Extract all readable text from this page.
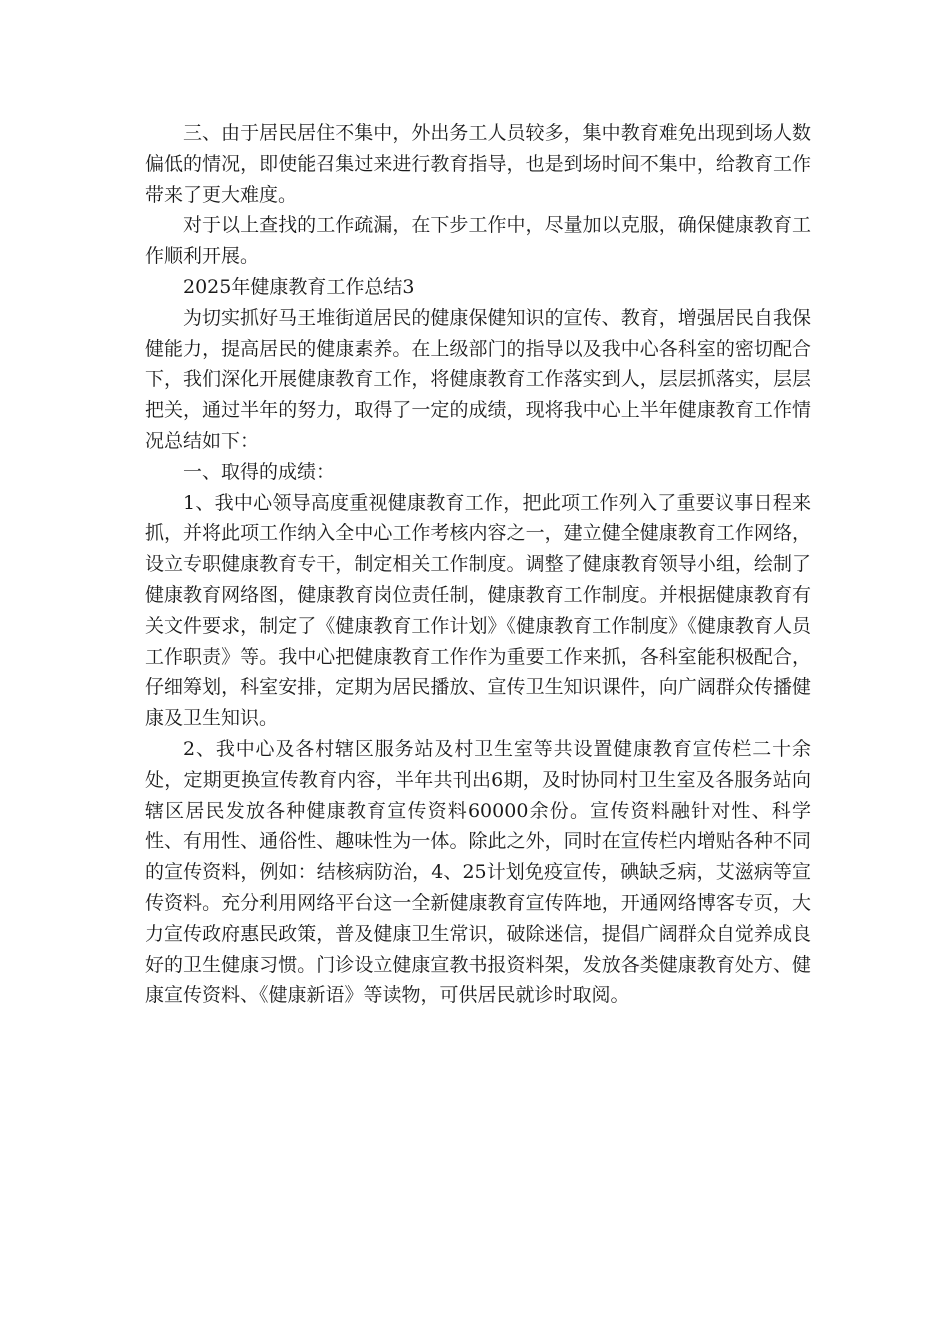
三、由于居民居住不集中，外出务工人员较多，集中教育难免出现到场人数偏低的情况，即使能召集过来进行教育指导，也是到场时间不集中，给教育工作带来了更大难度。

对于以上查找的工作疏漏，在下步工作中，尽量加以克服，确保健康教育工作顺利开展。

2025年健康教育工作总结3

为切实抓好马王堆街道居民的健康保健知识的宣传、教育，增强居民自我保健能力，提高居民的健康素养。在上级部门的指导以及我中心各科室的密切配合下，我们深化开展健康教育工作，将健康教育工作落实到人，层层抓落实，层层把关，通过半年的努力，取得了一定的成绩，现将我中心上半年健康教育工作情况总结如下：

一、取得的成绩：

1、我中心领导高度重视健康教育工作，把此项工作列入了重要议事日程来抓，并将此项工作纳入全中心工作考核内容之一，建立健全健康教育工作网络，设立专职健康教育专干，制定相关工作制度。调整了健康教育领导小组，绘制了健康教育网络图，健康教育岗位责任制，健康教育工作制度。并根据健康教育有关文件要求，制定了《健康教育工作计划》《健康教育工作制度》《健康教育人员工作职责》等。我中心把健康教育工作作为重要工作来抓，各科室能积极配合，仔细筹划，科室安排，定期为居民播放、宣传卫生知识课件，向广阔群众传播健康及卫生知识。

2、我中心及各村辖区服务站及村卫生室等共设置健康教育宣传栏二十余处，定期更换宣传教育内容，半年共刊出6期，及时协同村卫生室及各服务站向辖区居民发放各种健康教育宣传资料60000余份。宣传资料融针对性、科学性、有用性、通俗性、趣味性为一体。除此之外，同时在宣传栏内增贴各种不同的宣传资料，例如：结核病防治，4、25计划免疫宣传，碘缺乏病，艾滋病等宣传资料。充分利用网络平台这一全新健康教育宣传阵地，开通网络博客专页，大力宣传政府惠民政策，普及健康卫生常识，破除迷信，提倡广阔群众自觉养成良好的卫生健康习惯。门诊设立健康宣教书报资料架，发放各类健康教育处方、健康宣传资料、《健康新语》等读物，可供居民就诊时取阅。
